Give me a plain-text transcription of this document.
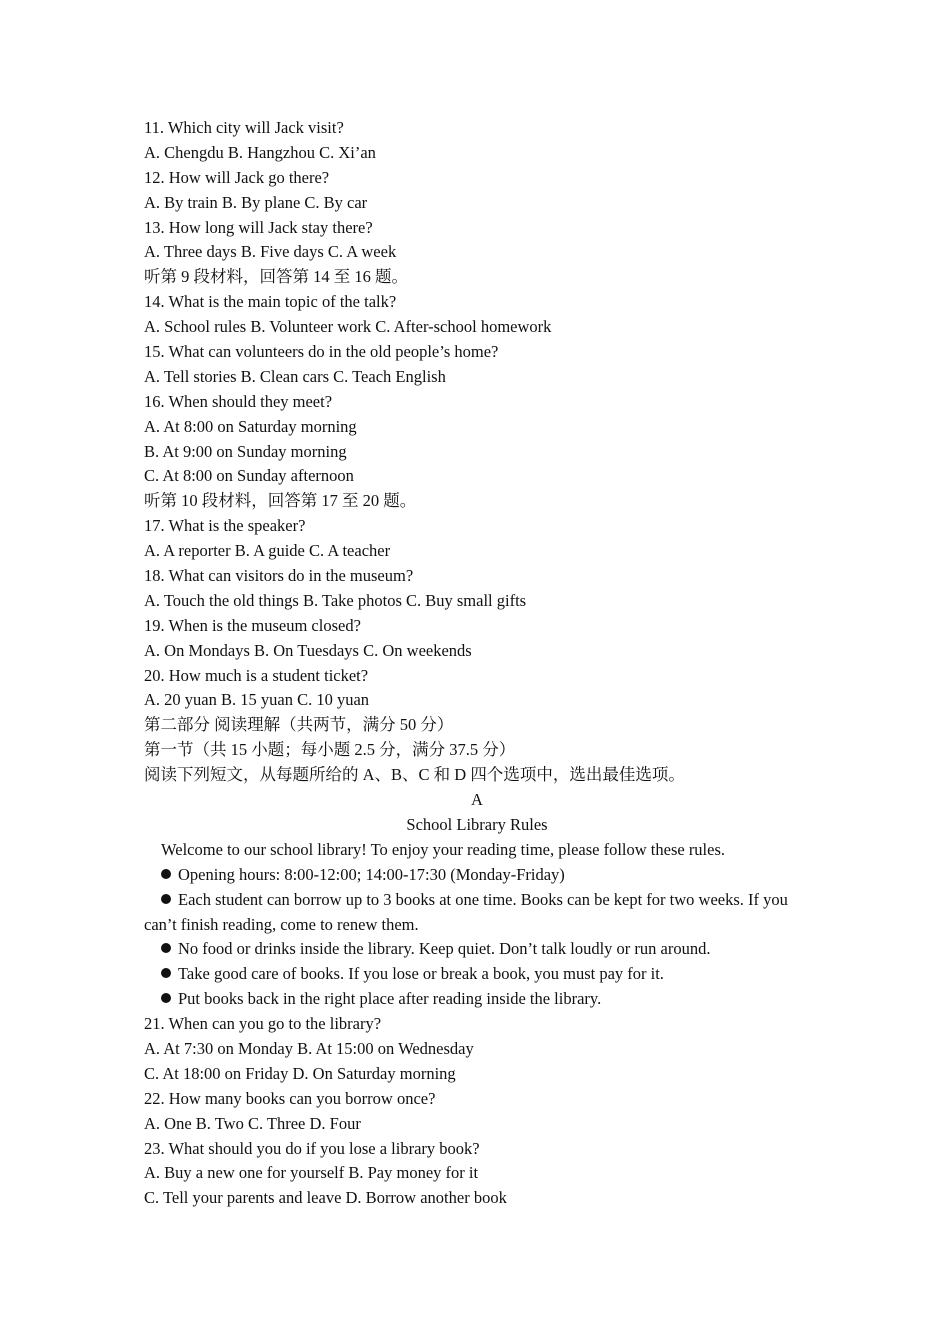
11. Which city will Jack visit?
A. Chengdu B. Hangzhou C. Xi’an
12. How will Jack go there?
A. By train B. By plane C. By car
13. How long will Jack stay there?
A. Three days B. Five days C. A week
听第 9 段材料，回答第 14 至 16 题。
14. What is the main topic of the talk?
A. School rules B. Volunteer work C. After-school homework
15. What can volunteers do in the old people’s home?
A. Tell stories B. Clean cars C. Teach English
16. When should they meet?
A. At 8:00 on Saturday morning
B. At 9:00 on Sunday morning
C. At 8:00 on Sunday afternoon
听第 10 段材料，回答第 17 至 20 题。
17. What is the speaker?
A. A reporter B. A guide C. A teacher
18. What can visitors do in the museum?
A. Touch the old things B. Take photos C. Buy small gifts
19. When is the museum closed?
A. On Mondays B. On Tuesdays C. On weekends
20. How much is a student ticket?
A. 20 yuan B. 15 yuan C. 10 yuan
第二部分 阅读理解（共两节，满分 50 分）
第一节（共 15 小题；每小题 2.5 分，满分 37.5 分）
阅读下列短文，从每题所给的 A、B、C 和 D 四个选项中，选出最佳选项。
A
School Library Rules
Welcome to our school library! To enjoy your reading time, please follow these rules.
Opening hours: 8:00-12:00; 14:00-17:30 (Monday-Friday)
Each student can borrow up to 3 books at one time. Books can be kept for two weeks. If you can’t finish reading, come to renew them.
No food or drinks inside the library. Keep quiet. Don’t talk loudly or run around.
Take good care of books. If you lose or break a book, you must pay for it.
Put books back in the right place after reading inside the library.
21. When can you go to the library?
A. At 7:30 on Monday B. At 15:00 on Wednesday
C. At 18:00 on Friday D. On Saturday morning
22. How many books can you borrow once?
A. One B. Two C. Three D. Four
23. What should you do if you lose a library book?
A. Buy a new one for yourself B. Pay money for it
C. Tell your parents and leave D. Borrow another book
